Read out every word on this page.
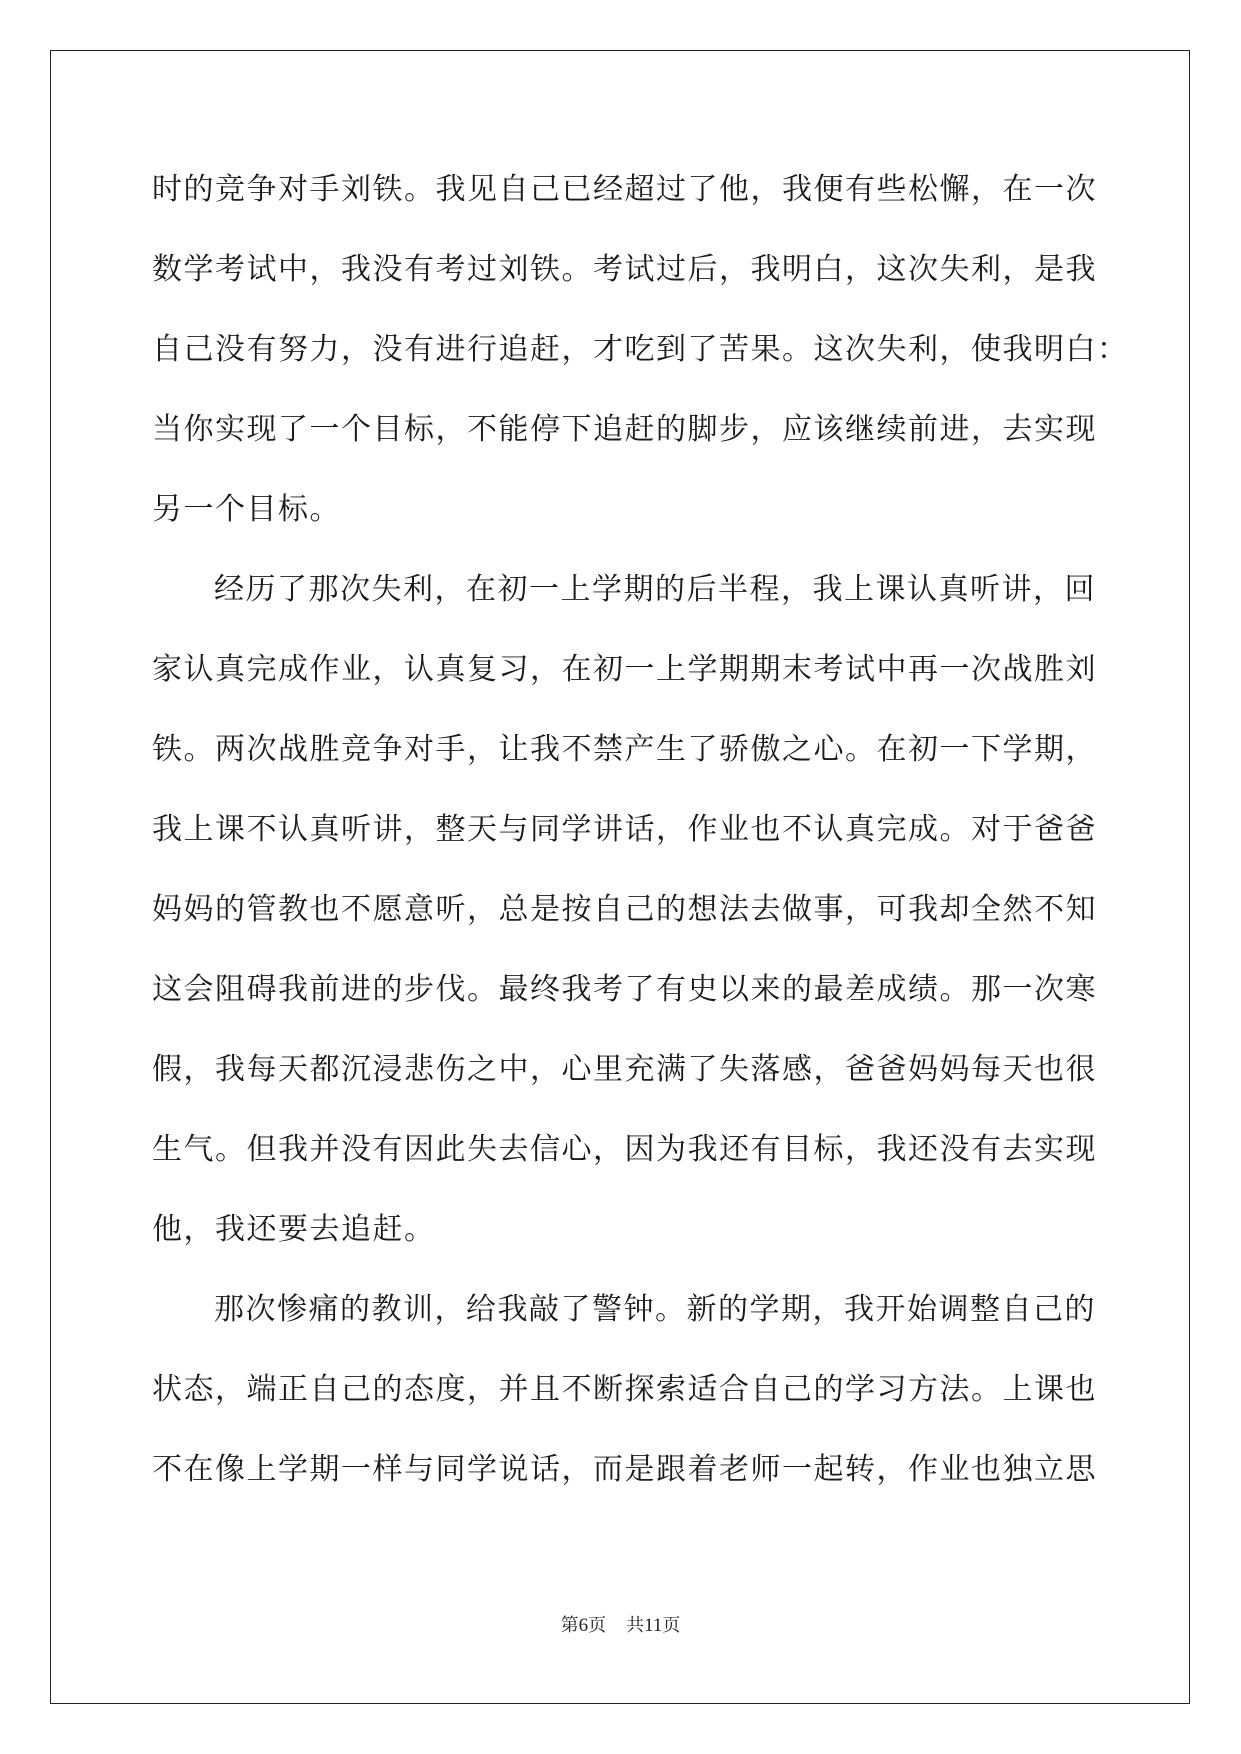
时的竞争对手刘铁。我见自己已经超过了他，我便有些松懈，在一次
数学考试中，我没有考过刘铁。考试过后，我明白，这次失利，是我
自己没有努力，没有进行追赶，才吃到了苦果。这次失利，使我明白：
当你实现了一个目标，不能停下追赶的脚步，应该继续前进，去实现
另一个目标。
经历了那次失利，在初一上学期的后半程，我上课认真听讲，回
家认真完成作业，认真复习，在初一上学期期末考试中再一次战胜刘
铁。两次战胜竞争对手，让我不禁产生了骄傲之心。在初一下学期，
我上课不认真听讲，整天与同学讲话，作业也不认真完成。对于爸爸
妈妈的管教也不愿意听，总是按自己的想法去做事，可我却全然不知
这会阻碍我前进的步伐。最终我考了有史以来的最差成绩。那一次寒
假，我每天都沉浸悲伤之中，心里充满了失落感，爸爸妈妈每天也很
生气。但我并没有因此失去信心，因为我还有目标，我还没有去实现
他，我还要去追赶。
那次惨痛的教训，给我敲了警钟。新的学期，我开始调整自己的
状态，端正自己的态度，并且不断探索适合自己的学习方法。上课也
不在像上学期一样与同学说话，而是跟着老师一起转，作业也独立思
第6页 共11页
